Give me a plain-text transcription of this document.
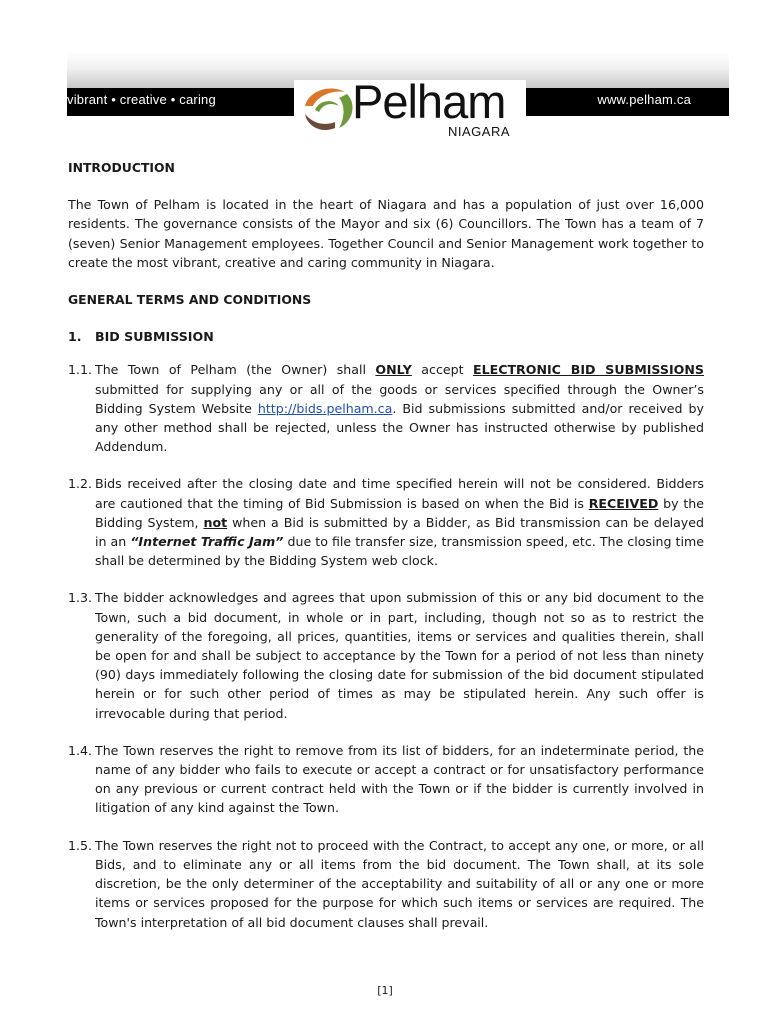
vibrant • creative • caring	www.pelham.ca
Pelham
NIAGARA

INTRODUCTION

The Town of Pelham is located in the heart of Niagara and has a population of just over 16,000 residents. The governance consists of the Mayor and six (6) Councillors. The Town has a team of 7 (seven) Senior Management employees. Together Council and Senior Management work together to create the most vibrant, creative and caring community in Niagara.

GENERAL TERMS AND CONDITIONS

1. BID SUBMISSION
1.1. The Town of Pelham (the Owner) shall ONLY accept ELECTRONIC BID SUBMISSIONS submitted for supplying any or all of the goods or services specified through the Owner’s Bidding System Website http://bids.pelham.ca. Bid submissions submitted and/or received by any other method shall be rejected, unless the Owner has instructed otherwise by published Addendum.
1.2. Bids received after the closing date and time specified herein will not be considered. Bidders are cautioned that the timing of Bid Submission is based on when the Bid is RECEIVED by the Bidding System, not when a Bid is submitted by a Bidder, as Bid transmission can be delayed in an “Internet Traffic Jam” due to file transfer size, transmission speed, etc. The closing time shall be determined by the Bidding System web clock.
1.3. The bidder acknowledges and agrees that upon submission of this or any bid document to the Town, such a bid document, in whole or in part, including, though not so as to restrict the generality of the foregoing, all prices, quantities, items or services and qualities therein, shall be open for and shall be subject to acceptance by the Town for a period of not less than ninety (90) days immediately following the closing date for submission of the bid document stipulated herein or for such other period of times as may be stipulated herein. Any such offer is irrevocable during that period.
1.4. The Town reserves the right to remove from its list of bidders, for an indeterminate period, the name of any bidder who fails to execute or accept a contract or for unsatisfactory performance on any previous or current contract held with the Town or if the bidder is currently involved in litigation of any kind against the Town.
1.5. The Town reserves the right not to proceed with the Contract, to accept any one, or more, or all Bids, and to eliminate any or all items from the bid document. The Town shall, at its sole discretion, be the only determiner of the acceptability and suitability of all or any one or more items or services proposed for the purpose for which such items or services are required. The Town's interpretation of all bid document clauses shall prevail.
[1]
